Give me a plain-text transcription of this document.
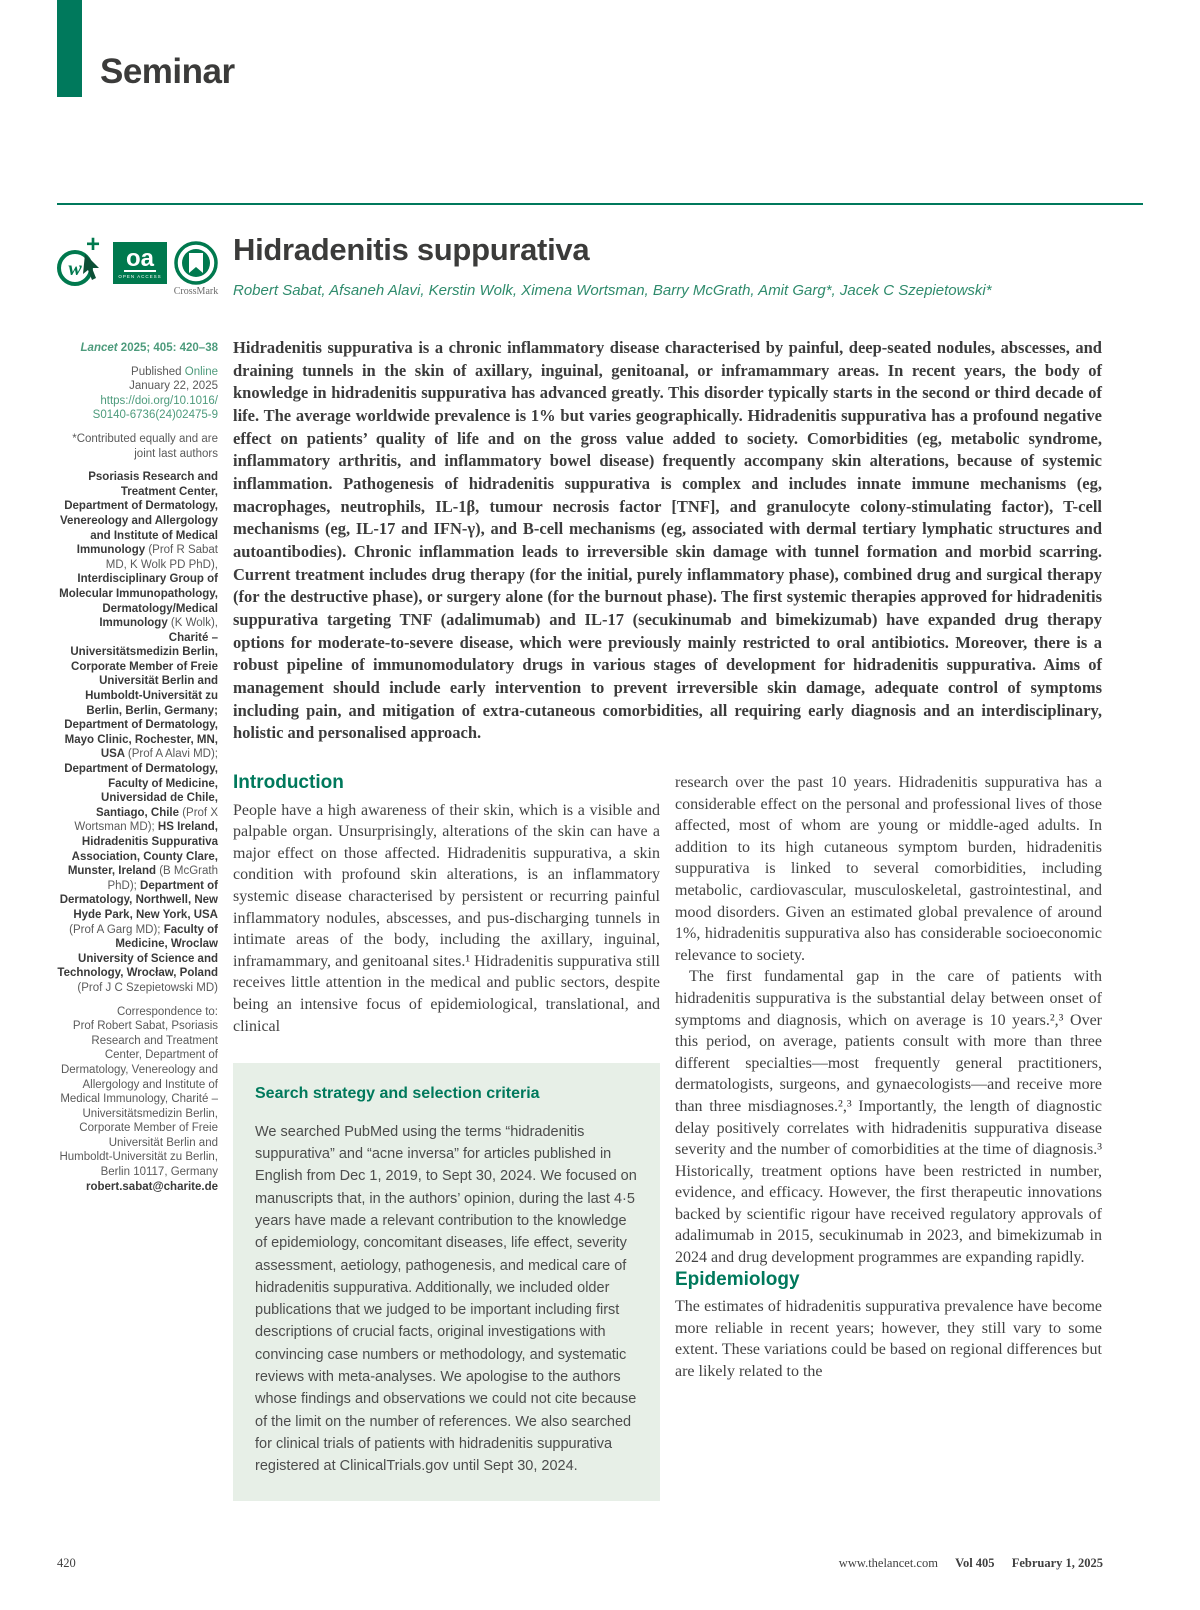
Seminar
w
+ oa
OPEN ACCESS
CrossMark
Hidradenitis suppurativa
Robert Sabat, Afsaneh Alavi, Kerstin Wolk, Ximena Wortsman, Barry McGrath, Amit Garg*, Jacek C Szepietowski*
Hidradenitis suppurativa is a chronic inflammatory disease characterised by painful, deep-seated nodules, abscesses, and draining tunnels in the skin of axillary, inguinal, genitoanal, or inframammary areas. In recent years, the body of knowledge in hidradenitis suppurativa has advanced greatly. This disorder typically starts in the second or third decade of life. The average worldwide prevalence is 1% but varies geographically. Hidradenitis suppurativa has a profound negative effect on patients’ quality of life and on the gross value added to society. Comorbidities (eg, metabolic syndrome, inflammatory arthritis, and inflammatory bowel disease) frequently accompany skin alterations, because of systemic inflammation. Pathogenesis of hidradenitis suppurativa is complex and includes innate immune mechanisms (eg, macrophages, neutrophils, IL-1β, tumour necrosis factor [TNF], and granulocyte colony-stimulating factor), T-cell mechanisms (eg, IL-17 and IFN-γ), and B-cell mechanisms (eg, associated with dermal tertiary lymphatic structures and autoantibodies). Chronic inflammation leads to irreversible skin damage with tunnel formation and morbid scarring. Current treatment includes drug therapy (for the initial, purely inflammatory phase), combined drug and surgical therapy (for the destructive phase), or surgery alone (for the burnout phase). The first systemic therapies approved for hidradenitis suppurativa targeting TNF (adalimumab) and IL-17 (secukinumab and bimekizumab) have expanded drug therapy options for moderate-to-severe disease, which were previously mainly restricted to oral antibiotics. Moreover, there is a robust pipeline of immunomodulatory drugs in various stages of development for hidradenitis suppurativa. Aims of management should include early intervention to prevent irreversible skin damage, adequate control of symptoms including pain, and mitigation of extra-cutaneous comorbidities, all requiring early diagnosis and an interdisciplinary, holistic and personalised approach.
Lancet 2025; 405: 420–38
Published Online
January 22, 2025
https://doi.org/10.1016/
S0140-6736(24)02475-9
*Contributed equally and are joint last authors
Psoriasis Research and Treatment Center, Department of Dermatology, Venereology and Allergology and Institute of Medical Immunology (Prof R Sabat MD, K Wolk PD PhD), Interdisciplinary Group of Molecular Immunopathology, Dermatology/Medical Immunology (K Wolk), Charité – Universitätsmedizin Berlin, Corporate Member of Freie Universität Berlin and Humboldt-Universität zu Berlin, Berlin, Germany; Department of Dermatology, Mayo Clinic, Rochester, MN, USA (Prof A Alavi MD); Department of Dermatology, Faculty of Medicine, Universidad de Chile, Santiago, Chile (Prof X Wortsman MD); HS Ireland, Hidradenitis Suppurativa Association, County Clare, Munster, Ireland (B McGrath PhD); Department of Dermatology, Northwell, New Hyde Park, New York, USA (Prof A Garg MD); Faculty of Medicine, Wroclaw University of Science and Technology, Wrocław, Poland (Prof J C Szepietowski MD)
Correspondence to:
Prof Robert Sabat, Psoriasis Research and Treatment Center, Department of Dermatology, Venereology and Allergology and Institute of Medical Immunology, Charité – Universitätsmedizin Berlin, Corporate Member of Freie Universität Berlin and Humboldt-Universität zu Berlin, Berlin 10117, Germany
robert.sabat@charite.de
Introduction

People have a high awareness of their skin, which is a visible and palpable organ. Unsurprisingly, alterations of the skin can have a major effect on those affected. Hidradenitis suppurativa, a skin condition with profound skin alterations, is an inflammatory systemic disease characterised by persistent or recurring painful inflammatory nodules, abscesses, and pus-discharging tunnels in intimate areas of the body, including the axillary, inguinal, inframammary, and genitoanal sites.¹ Hidradenitis suppurativa still receives little attention in the medical and public sectors, despite being an intensive focus of epidemiological, translational, and clinical

Search strategy and selection criteria
We searched PubMed using the terms “hidradenitis suppurativa” and “acne inversa” for articles published in English from Dec 1, 2019, to Sept 30, 2024. We focused on manuscripts that, in the authors’ opinion, during the last 4·5 years have made a relevant contribution to the knowledge of epidemiology, concomitant diseases, life effect, severity assessment, aetiology, pathogenesis, and medical care of hidradenitis suppurativa. Additionally, we included older publications that we judged to be important including first descriptions of crucial facts, original investigations with convincing case numbers or methodology, and systematic reviews with meta-analyses. We apologise to the authors whose findings and observations we could not cite because of the limit on the number of references. We also searched for clinical trials of patients with hidradenitis suppurativa registered at ClinicalTrials.gov until Sept 30, 2024.

research over the past 10 years. Hidradenitis suppurativa has a considerable effect on the personal and professional lives of those affected, most of whom are young or middle-aged adults. In addition to its high cutaneous symptom burden, hidradenitis suppurativa is linked to several comorbidities, including metabolic, cardiovascular, musculoskeletal, gastrointestinal, and mood disorders. Given an estimated global prevalence of around 1%, hidradenitis suppurativa also has considerable socioeconomic relevance to society.

The first fundamental gap in the care of patients with hidradenitis suppurativa is the substantial delay between onset of symptoms and diagnosis, which on average is 10 years.²,³ Over this period, on average, patients consult with more than three different specialties—most frequently general practitioners, dermatologists, surgeons, and gynaecologists—and receive more than three misdiagnoses.²,³ Importantly, the length of diagnostic delay positively correlates with hidradenitis suppurativa disease severity and the number of comorbidities at the time of diagnosis.³ Historically, treatment options have been restricted in number, evidence, and efficacy. However, the first therapeutic innovations backed by scientific rigour have received regulatory approvals of adalimumab in 2015, secukinumab in 2023, and bimekizumab in 2024 and drug development programmes are expanding rapidly.

Epidemiology

The estimates of hidradenitis suppurativa prevalence have become more reliable in recent years; however, they still vary to some extent. These variations could be based on regional differences but are likely related to the

420	www.thelancet.com Vol 405 February 1, 2025
